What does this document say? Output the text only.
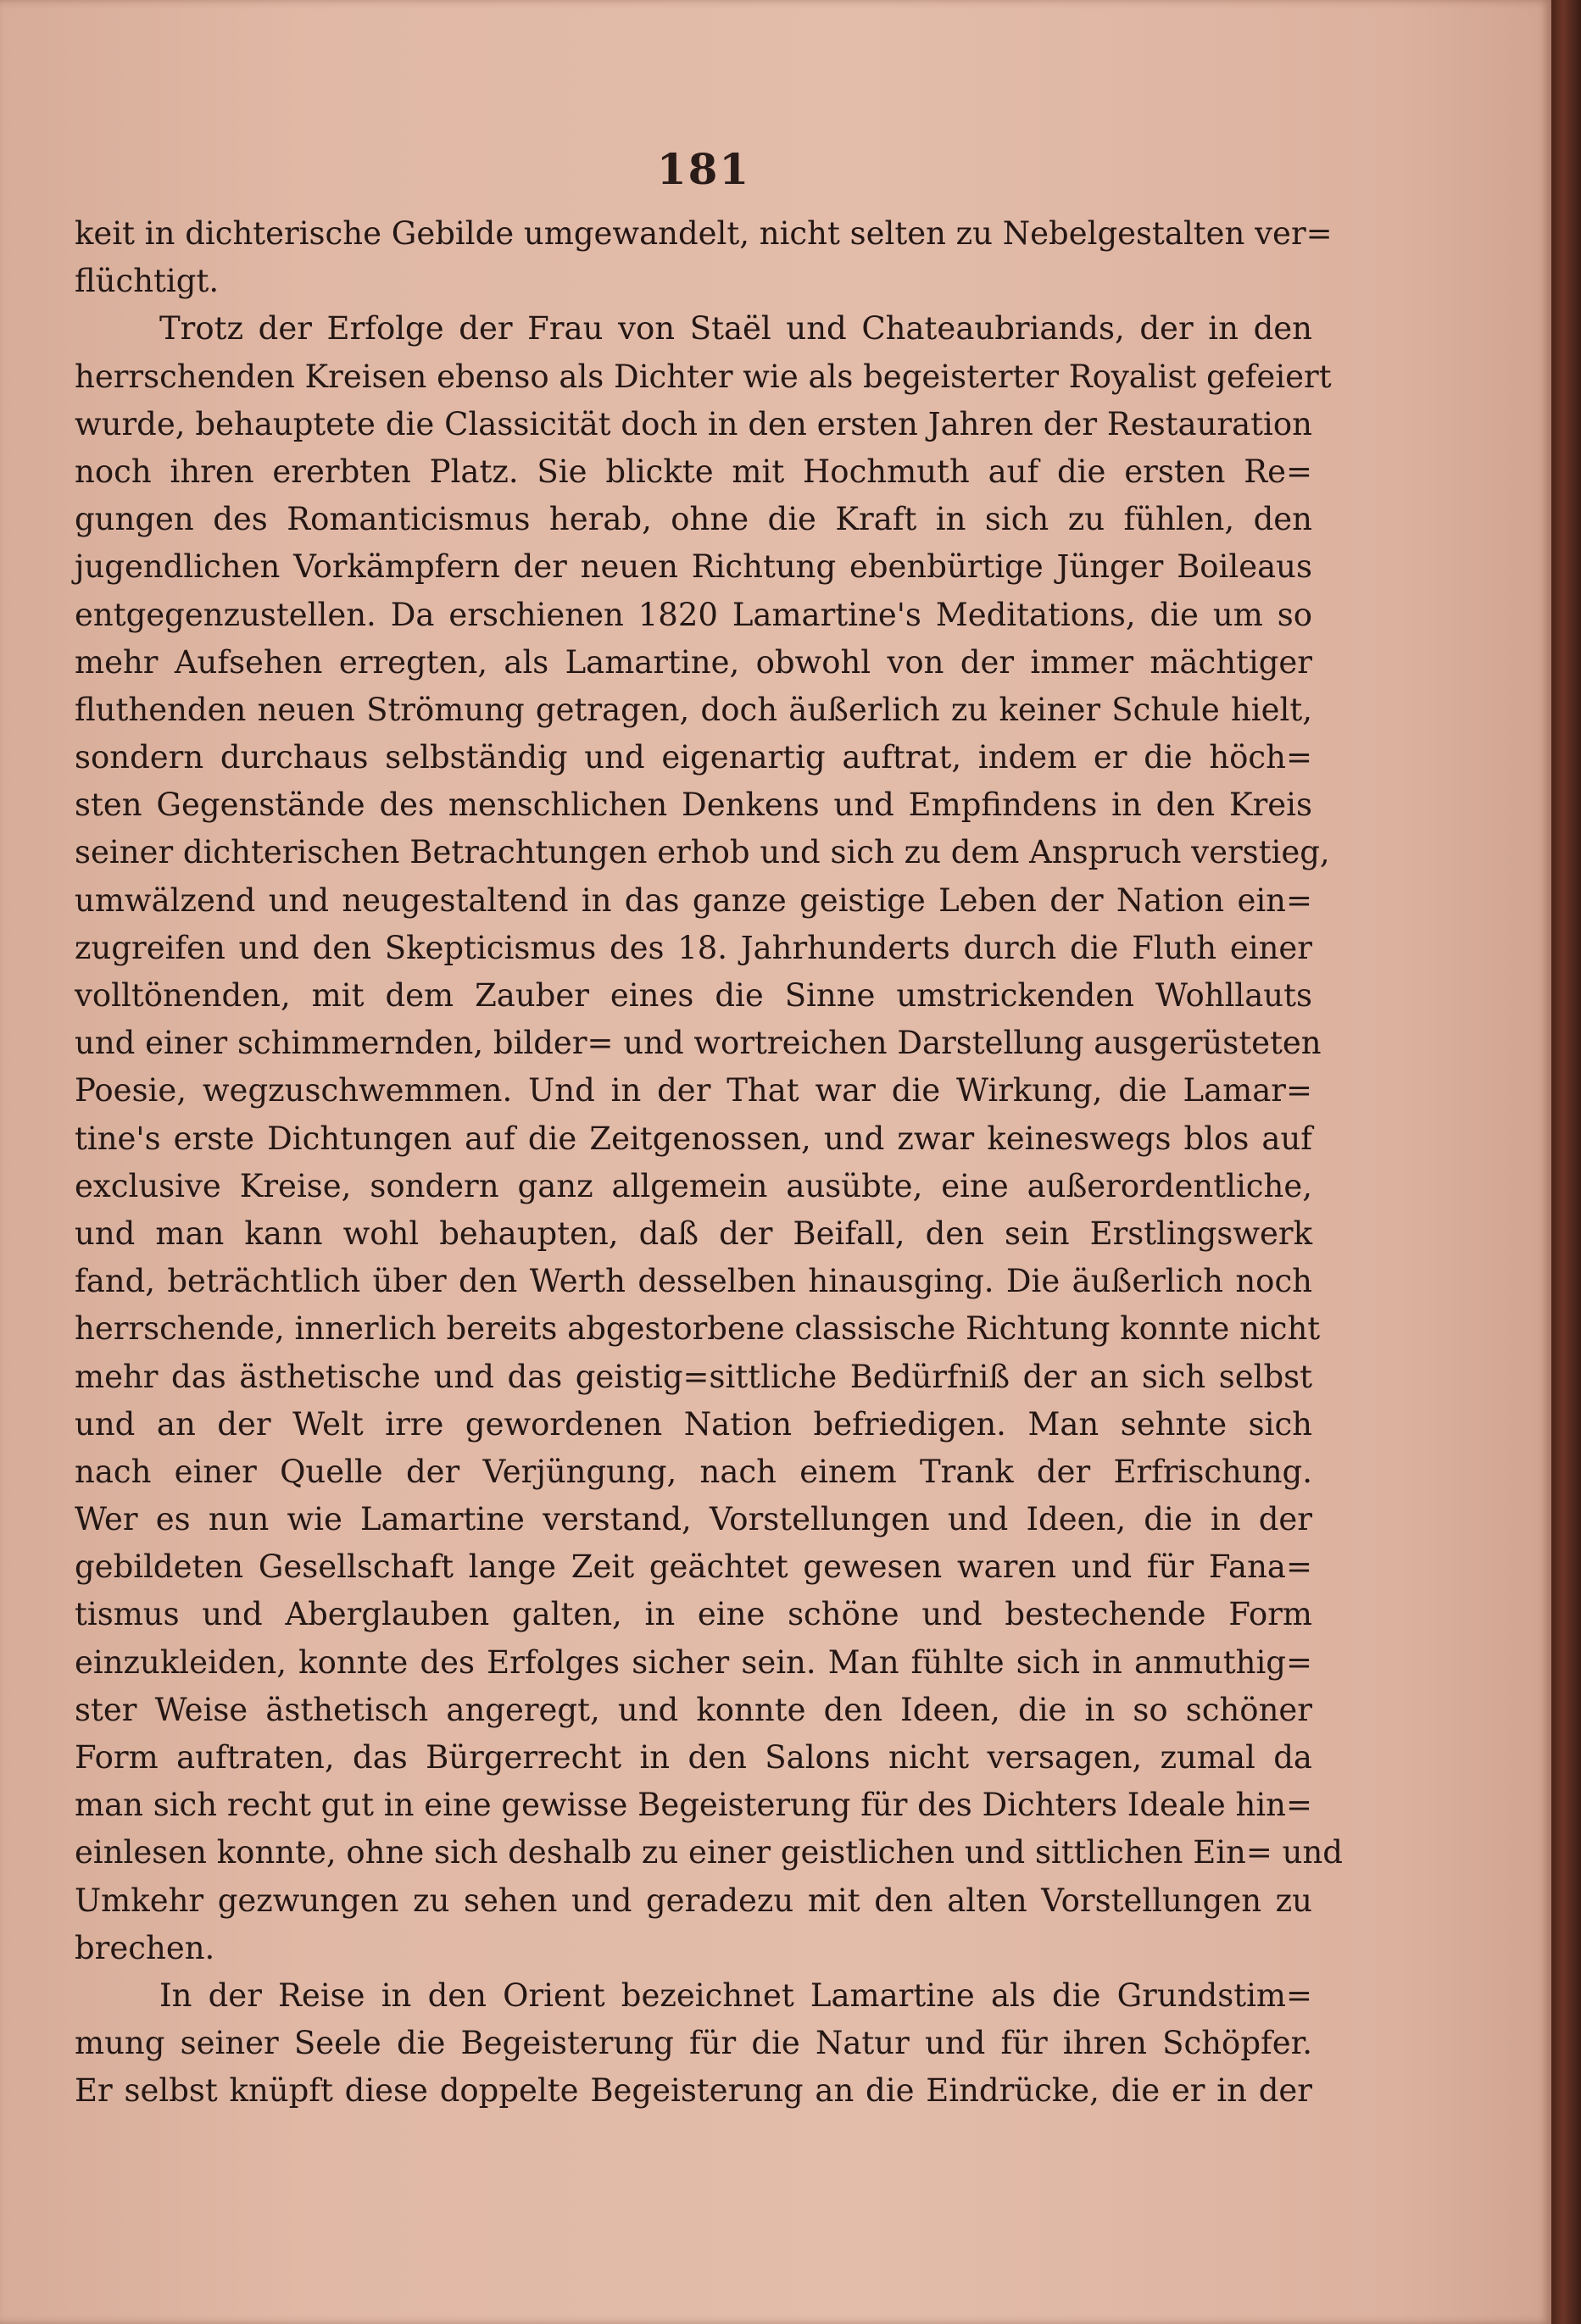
181
keit in dichterische Gebilde umgewandelt, nicht selten zu Nebelgestalten ver=
flüchtigt.
Trotz der Erfolge der Frau von Staël und Chateaubriands, der in den
herrschenden Kreisen ebenso als Dichter wie als begeisterter Royalist gefeiert
wurde, behauptete die Classicität doch in den ersten Jahren der Restauration
noch ihren ererbten Platz. Sie blickte mit Hochmuth auf die ersten Re=
gungen des Romanticismus herab, ohne die Kraft in sich zu fühlen, den
jugendlichen Vorkämpfern der neuen Richtung ebenbürtige Jünger Boileaus
entgegenzustellen. Da erschienen 1820 Lamartine's Meditations, die um so
mehr Aufsehen erregten, als Lamartine, obwohl von der immer mächtiger
fluthenden neuen Strömung getragen, doch äußerlich zu keiner Schule hielt,
sondern durchaus selbständig und eigenartig auftrat, indem er die höch=
sten Gegenstände des menschlichen Denkens und Empfindens in den Kreis
seiner dichterischen Betrachtungen erhob und sich zu dem Anspruch verstieg,
umwälzend und neugestaltend in das ganze geistige Leben der Nation ein=
zugreifen und den Skepticismus des 18. Jahrhunderts durch die Fluth einer
volltönenden, mit dem Zauber eines die Sinne umstrickenden Wohllauts
und einer schimmernden, bilder= und wortreichen Darstellung ausgerüsteten
Poesie, wegzuschwemmen. Und in der That war die Wirkung, die Lamar=
tine's erste Dichtungen auf die Zeitgenossen, und zwar keineswegs blos auf
exclusive Kreise, sondern ganz allgemein ausübte, eine außerordentliche,
und man kann wohl behaupten, daß der Beifall, den sein Erstlingswerk
fand, beträchtlich über den Werth desselben hinausging. Die äußerlich noch
herrschende, innerlich bereits abgestorbene classische Richtung konnte nicht
mehr das ästhetische und das geistig=sittliche Bedürfniß der an sich selbst
und an der Welt irre gewordenen Nation befriedigen. Man sehnte sich
nach einer Quelle der Verjüngung, nach einem Trank der Erfrischung.
Wer es nun wie Lamartine verstand, Vorstellungen und Ideen, die in der
gebildeten Gesellschaft lange Zeit geächtet gewesen waren und für Fana=
tismus und Aberglauben galten, in eine schöne und bestechende Form
einzukleiden, konnte des Erfolges sicher sein. Man fühlte sich in anmuthig=
ster Weise ästhetisch angeregt, und konnte den Ideen, die in so schöner
Form auftraten, das Bürgerrecht in den Salons nicht versagen, zumal da
man sich recht gut in eine gewisse Begeisterung für des Dichters Ideale hin=
einlesen konnte, ohne sich deshalb zu einer geistlichen und sittlichen Ein= und
Umkehr gezwungen zu sehen und geradezu mit den alten Vorstellungen zu
brechen.
In der Reise in den Orient bezeichnet Lamartine als die Grundstim=
mung seiner Seele die Begeisterung für die Natur und für ihren Schöpfer.
Er selbst knüpft diese doppelte Begeisterung an die Eindrücke, die er in der
